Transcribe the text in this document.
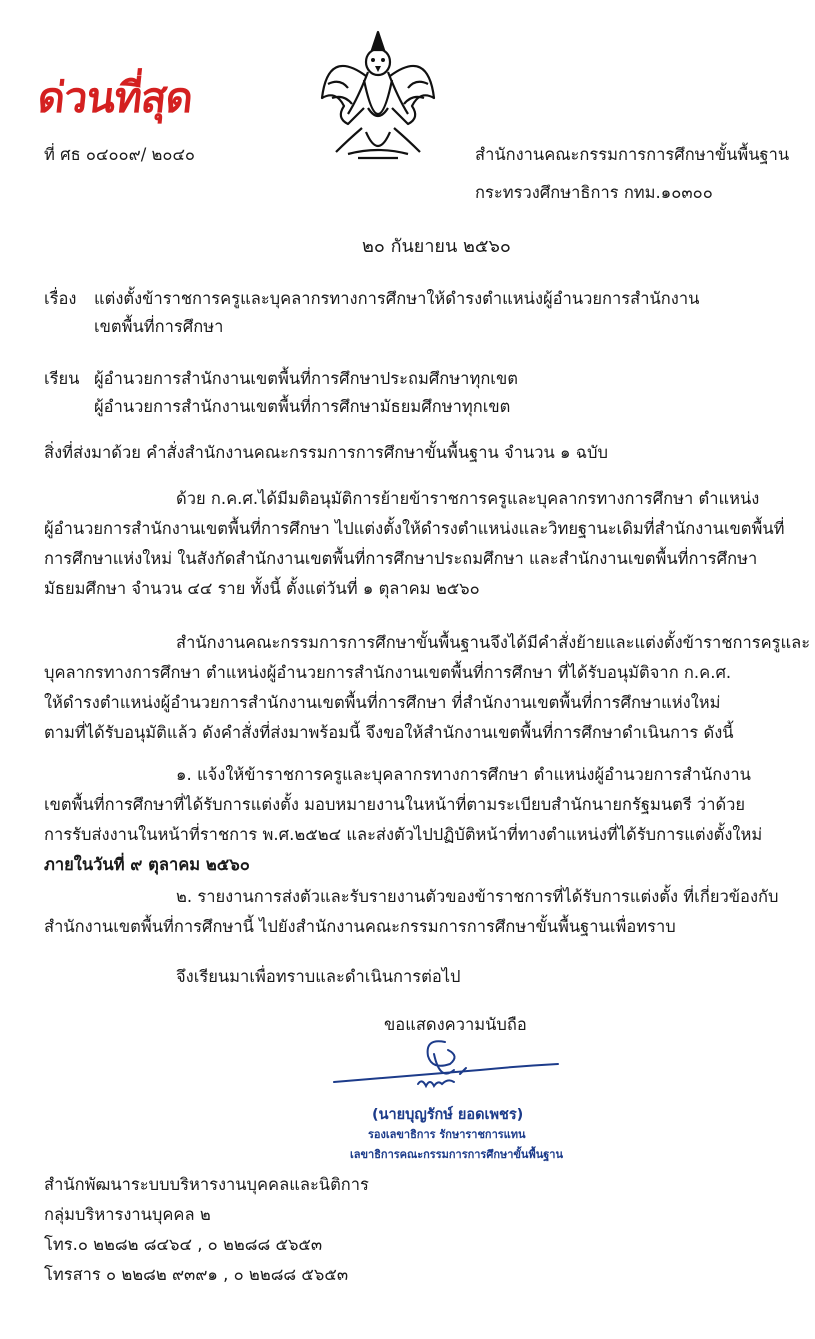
ด่วนที่สุด
ที่ ศธ ๐๔๐๐๙/ ๒๐๔๐	สำนักงานคณะกรรมการการศึกษาขั้นพื้นฐาน
กระทรวงศึกษาธิการ กทม.๑๐๓๐๐
๒๐ กันยายน ๒๕๖๐
เรื่อง แต่งตั้งข้าราชการครูและบุคลากรทางการศึกษาให้ดำรงตำแหน่งผู้อำนวยการสำนักงาน
เขตพื้นที่การศึกษา
เรียน ผู้อำนวยการสำนักงานเขตพื้นที่การศึกษาประถมศึกษาทุกเขต
ผู้อำนวยการสำนักงานเขตพื้นที่การศึกษามัธยมศึกษาทุกเขต
สิ่งที่ส่งมาด้วย คำสั่งสำนักงานคณะกรรมการการศึกษาขั้นพื้นฐาน จำนวน ๑ ฉบับ
ด้วย ก.ค.ศ.ได้มีมติอนุมัติการย้ายข้าราชการครูและบุคลากรทางการศึกษา ตำแหน่ง
ผู้อำนวยการสำนักงานเขตพื้นที่การศึกษา ไปแต่งตั้งให้ดำรงตำแหน่งและวิทยฐานะเดิมที่สำนักงานเขตพื้นที่
การศึกษาแห่งใหม่ ในสังกัดสำนักงานเขตพื้นที่การศึกษาประถมศึกษา และสำนักงานเขตพื้นที่การศึกษา
มัธยมศึกษา จำนวน ๔๔ ราย ทั้งนี้ ตั้งแต่วันที่ ๑ ตุลาคม ๒๕๖๐
สำนักงานคณะกรรมการการศึกษาขั้นพื้นฐานจึงได้มีคำสั่งย้ายและแต่งตั้งข้าราชการครูและ
บุคลากรทางการศึกษา ตำแหน่งผู้อำนวยการสำนักงานเขตพื้นที่การศึกษา ที่ได้รับอนุมัติจาก ก.ค.ศ.
ให้ดำรงตำแหน่งผู้อำนวยการสำนักงานเขตพื้นที่การศึกษา ที่สำนักงานเขตพื้นที่การศึกษาแห่งใหม่
ตามที่ได้รับอนุมัติแล้ว ดังคำสั่งที่ส่งมาพร้อมนี้ จึงขอให้สำนักงานเขตพื้นที่การศึกษาดำเนินการ ดังนี้
๑. แจ้งให้ข้าราชการครูและบุคลากรทางการศึกษา ตำแหน่งผู้อำนวยการสำนักงาน
เขตพื้นที่การศึกษาที่ได้รับการแต่งตั้ง มอบหมายงานในหน้าที่ตามระเบียบสำนักนายกรัฐมนตรี ว่าด้วย
การรับส่งงานในหน้าที่ราชการ พ.ศ.๒๕๒๔ และส่งตัวไปปฏิบัติหน้าที่ทางตำแหน่งที่ได้รับการแต่งตั้งใหม่
ภายในวันที่ ๙ ตุลาคม ๒๕๖๐
๒. รายงานการส่งตัวและรับรายงานตัวของข้าราชการที่ได้รับการแต่งตั้ง ที่เกี่ยวข้องกับ
สำนักงานเขตพื้นที่การศึกษานี้ ไปยังสำนักงานคณะกรรมการการศึกษาขั้นพื้นฐานเพื่อทราบ
จึงเรียนมาเพื่อทราบและดำเนินการต่อไป
ขอแสดงความนับถือ
(นายบุญรักษ์ ยอดเพชร)
รองเลขาธิการ รักษาราชการแทน
เลขาธิการคณะกรรมการการศึกษาขั้นพื้นฐาน
สำนักพัฒนาระบบบริหารงานบุคคลและนิติการ
กลุ่มบริหารงานบุคคล ๒
โทร.๐ ๒๒๘๒ ๘๔๖๔ , ๐ ๒๒๘๘ ๕๖๕๓
โทรสาร ๐ ๒๒๘๒ ๙๓๙๑ , ๐ ๒๒๘๘ ๕๖๕๓
